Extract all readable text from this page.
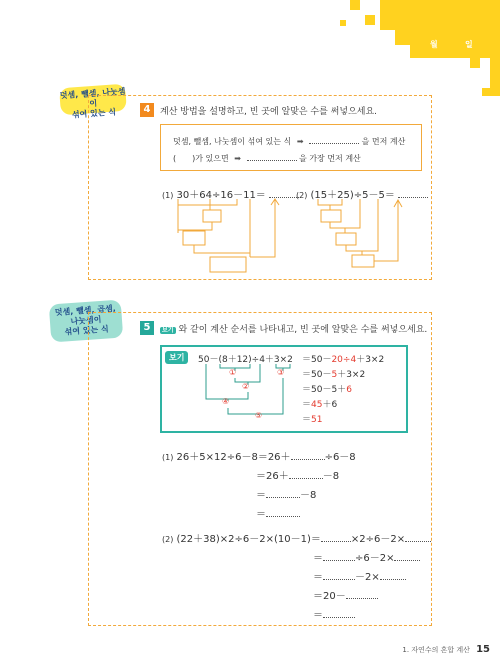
월	일
덧셈, 뺄셈, 나눗셈이
섞여 있는 식	4	계산 방법을 설명하고, 빈 곳에 알맞은 수를 써넣으세요.
덧셈, 뺄셈, 나눗셈이 섞여 있는 식 ➡	을 먼저 계산
(　　)가 있으면 ➡	을 가장 먼저 계산
(1) 30＋64÷16－11＝	(2) (15＋25)÷5－5＝
덧셈, 뺄셈, 곱셈,
나눗셈이
섞여 있는 식	5	보기 와 같이 계산 순서를 나타내고, 빈 곳에 알맞은 수를 써넣으세요.
보기	50－(8＋12)÷4＋3×2 ＝50－20÷4＋3×2
＝50－5＋3×2
＝50－5＋6
＝45＋6
＝51
①
②
③
④
⑤
(1) 26＋5×12÷6－8＝26＋	÷6－8
＝26＋	－8
＝	－8
＝
(2) (22＋38)×2÷6－2×(10－1)＝	×2÷6－2×
＝	÷6－2×
＝	－2×
＝20－
＝
1. 자연수의 혼합 계산 15
